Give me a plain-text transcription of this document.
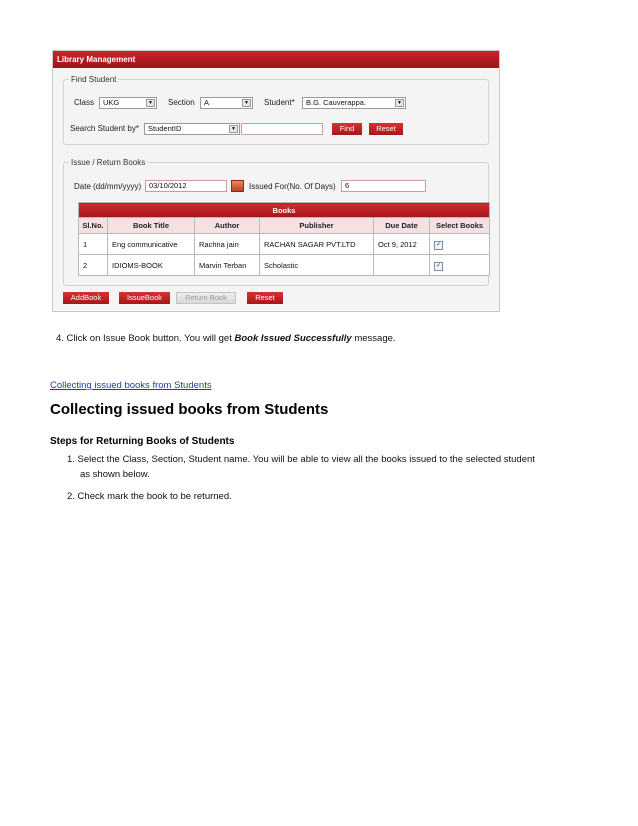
Library Management
Find Student
Class	UKG	▼ Section	A	▼ Student*	B.G. Cauverappa.	▼
Search Student by*	StudentID	▼	Find	Reset
Issue / Return Books
Date (dd/mm/yyyy)	03/10/2012	Issued For(No. Of Days)	6
Books					
Sl.No.	Book Title	Author	Publisher	Due Date	Select Books
1	Eng communicative	Rachna jain	RACHAN SAGAR PVT.LTD	Oct 9, 2012	✓
2	IDIOMS-BOOK	Marvin Terban	Scholastic		✓
AddBook	IssueBook	Return Book	Reset
4. Click on Issue Book button. You will get Book Issued Successfully message.
Collecting issued books from Students
Collecting issued books from Students
Steps for Returning Books of Students
1. Select the Class, Section, Student name. You will be able to view all the books issued to the selected student
as shown below.
2. Check mark the book to be returned.
